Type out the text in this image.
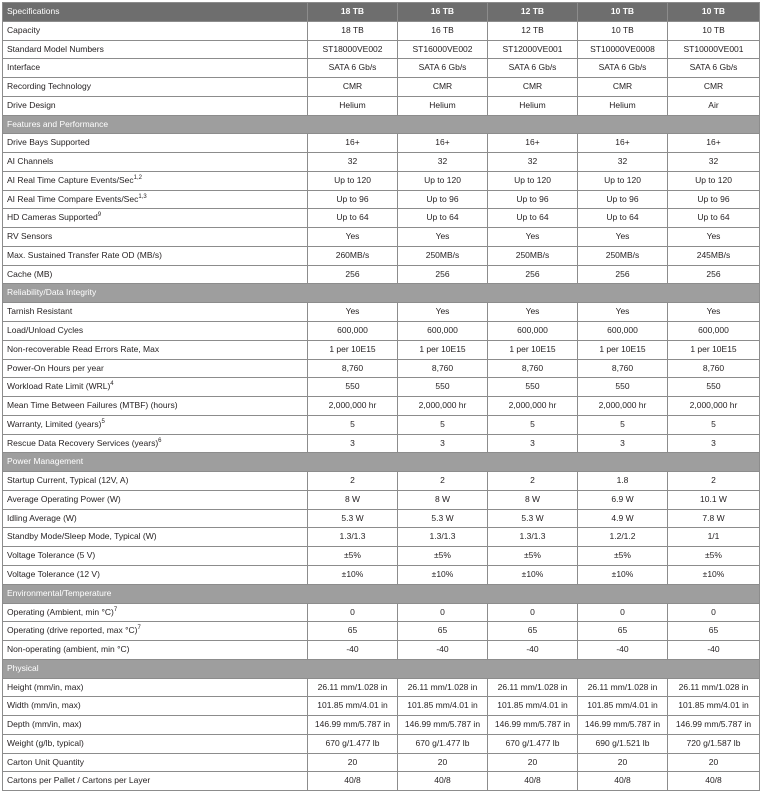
Specifications	18 TB	16 TB	12 TB	10 TB	10 TB
Capacity	18 TB	16 TB	12 TB	10 TB	10 TB
Standard Model Numbers	ST18000VE002	ST16000VE002	ST12000VE001	ST10000VE0008	ST10000VE001
Interface	SATA 6 Gb/s	SATA 6 Gb/s	SATA 6 Gb/s	SATA 6 Gb/s	SATA 6 Gb/s
Recording Technology	CMR	CMR	CMR	CMR	CMR
Drive Design	Helium	Helium	Helium	Helium	Air
Features and Performance					
Drive Bays Supported	16+	16+	16+	16+	16+
AI Channels	32	32	32	32	32
AI Real Time Capture Events/Sec$^{1,2}$	Up to 120	Up to 120	Up to 120	Up to 120	Up to 120
AI Real Time Compare Events/Sec$^{1,3}$	Up to 96	Up to 96	Up to 96	Up to 96	Up to 96
HD Cameras Supported$^9$	Up to 64	Up to 64	Up to 64	Up to 64	Up to 64
RV Sensors	Yes	Yes	Yes	Yes	Yes
Max. Sustained Transfer Rate OD (MB/s)	260MB/s	250MB/s	250MB/s	250MB/s	245MB/s
Cache (MB)	256	256	256	256	256
Reliability/Data Integrity					
Tarnish Resistant	Yes	Yes	Yes	Yes	Yes
Load/Unload Cycles	600,000	600,000	600,000	600,000	600,000
Non-recoverable Read Errors Rate, Max	1 per 10E15	1 per 10E15	1 per 10E15	1 per 10E15	1 per 10E15
Power-On Hours per year	8,760	8,760	8,760	8,760	8,760
Workload Rate Limit (WRL)$^4$	550	550	550	550	550
Mean Time Between Failures (MTBF) (hours)	2,000,000 hr	2,000,000 hr	2,000,000 hr	2,000,000 hr	2,000,000 hr
Warranty, Limited (years)$^5$	5	5	5	5	5
Rescue Data Recovery Services (years)$^6$	3	3	3	3	3
Power Management					
Startup Current, Typical (12V, A)	2	2	2	1.8	2
Average Operating Power (W)	8 W	8 W	8 W	6.9 W	10.1 W
Idling Average (W)	5.3 W	5.3 W	5.3 W	4.9 W	7.8 W
Standby Mode/Sleep Mode, Typical (W)	1.3/1.3	1.3/1.3	1.3/1.3	1.2/1.2	1/1
Voltage Tolerance (5 V)	±5%	±5%	±5%	±5%	±5%
Voltage Tolerance (12 V)	±10%	±10%	±10%	±10%	±10%
Environmental/Temperature					
Operating (Ambient, min °C)$^7$	0	0	0	0	0
Operating (drive reported, max °C)$^7$	65	65	65	65	65
Non-operating (ambient, min °C)	-40	-40	-40	-40	-40
Physical					
Height (mm/in, max)	26.11 mm/1.028 in	26.11 mm/1.028 in	26.11 mm/1.028 in	26.11 mm/1.028 in	26.11 mm/1.028 in
Width (mm/in, max)	101.85 mm/4.01 in	101.85 mm/4.01 in	101.85 mm/4.01 in	101.85 mm/4.01 in	101.85 mm/4.01 in
Depth (mm/in, max)	146.99 mm/5.787 in	146.99 mm/5.787 in	146.99 mm/5.787 in	146.99 mm/5.787 in	146.99 mm/5.787 in
Weight (g/lb, typical)	670 g/1.477 lb	670 g/1.477 lb	670 g/1.477 lb	690 g/1.521 lb	720 g/1.587 lb
Carton Unit Quantity	20	20	20	20	20
Cartons per Pallet / Cartons per Layer	40/8	40/8	40/8	40/8	40/8
